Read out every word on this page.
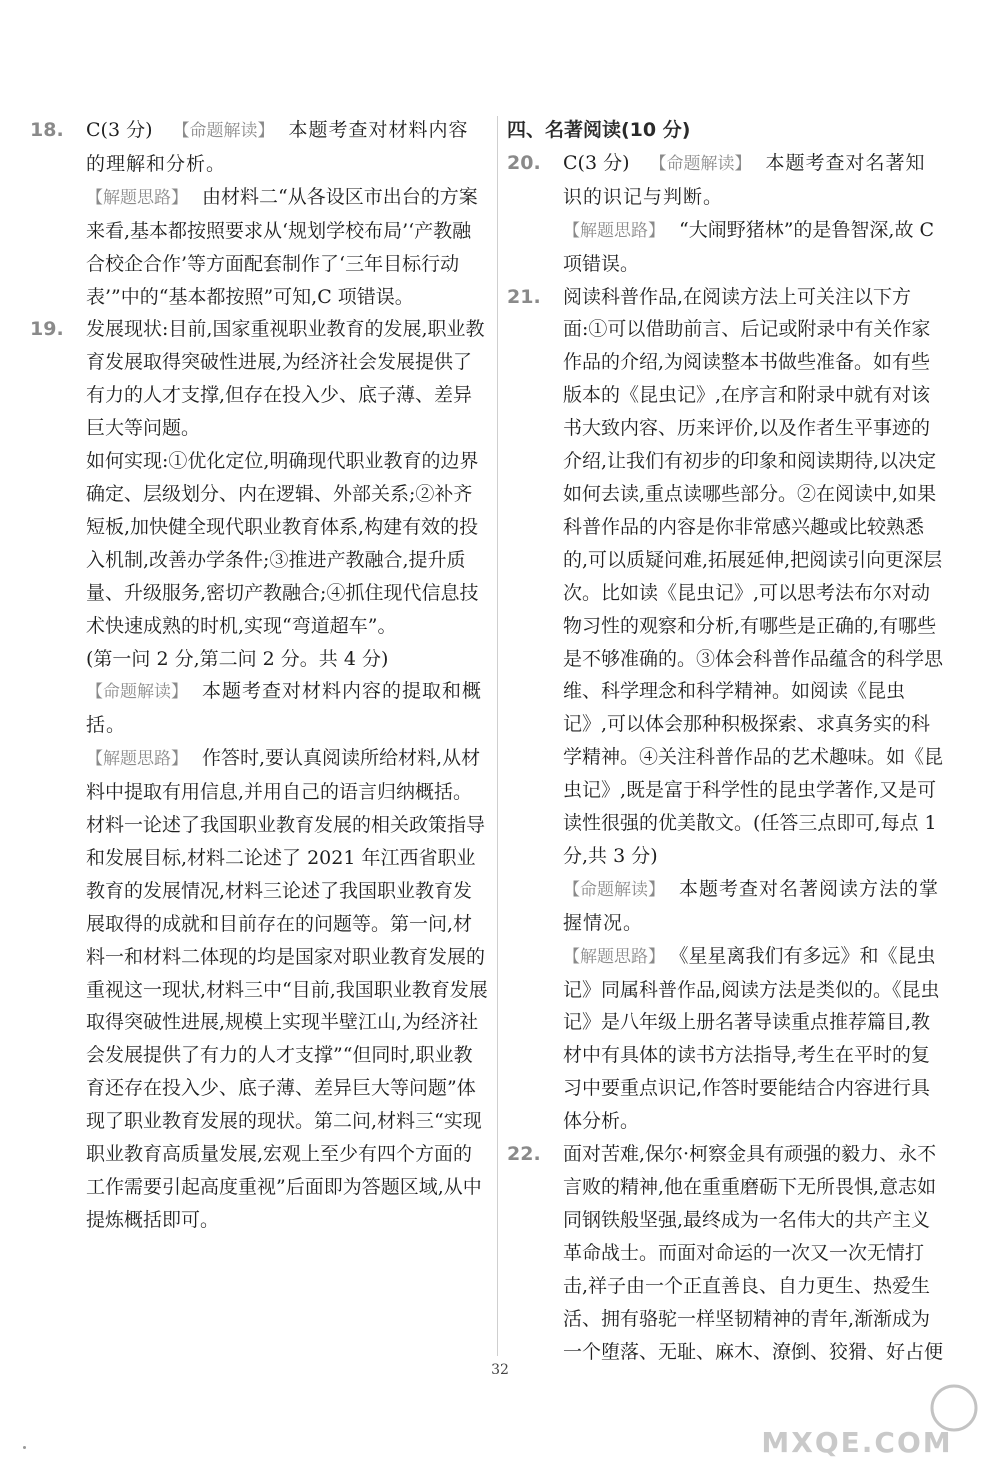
18. C(3 分) 【命题解读】 本题考查对材料内容的理解和分析。
【解题思路】 由材料二“从各设区市出台的方案来看,基本都按照要求从‘规划学校布局’‘产教融合校企合作’等方面配套制作了‘三年目标行动表’”中的“基本都按照”可知,C 项错误。
19. 发展现状:目前,国家重视职业教育的发展,职业教育发展取得突破性进展,为经济社会发展提供了有力的人才支撑,但存在投入少、底子薄、差异巨大等问题。
如何实现:①优化定位,明确现代职业教育的边界确定、层级划分、内在逻辑、外部关系;②补齐短板,加快健全现代职业教育体系,构建有效的投入机制,改善办学条件;③推进产教融合,提升质量、升级服务,密切产教融合;④抓住现代信息技术快速成熟的时机,实现“弯道超车”。
(第一问 2 分,第二问 2 分。共 4 分)
【命题解读】 本题考查对材料内容的提取和概括。
【解题思路】 作答时,要认真阅读所给材料,从材料中提取有用信息,并用自己的语言归纳概括。材料一论述了我国职业教育发展的相关政策指导和发展目标,材料二论述了 2021 年江西省职业教育的发展情况,材料三论述了我国职业教育发展取得的成就和目前存在的问题等。第一问,材料一和材料二体现的均是国家对职业教育发展的重视这一现状,材料三中“目前,我国职业教育发展取得突破性进展,规模上实现半壁江山,为经济社会发展提供了有力的人才支撑”“但同时,职业教育还存在投入少、底子薄、差异巨大等问题”体现了职业教育发展的现状。第二问,材料三“实现职业教育高质量发展,宏观上至少有四个方面的工作需要引起高度重视”后面即为答题区域,从中提炼概括即可。
四、名著阅读(10 分)
20. C(3 分) 【命题解读】 本题考查对名著知识的识记与判断。
【解题思路】 “大闹野猪林”的是鲁智深,故 C 项错误。
21. 阅读科普作品,在阅读方法上可关注以下方面:①可以借助前言、后记或附录中有关作家作品的介绍,为阅读整本书做些准备。如有些版本的《昆虫记》,在序言和附录中就有对该书大致内容、历来评价,以及作者生平事迹的介绍,让我们有初步的印象和阅读期待,以决定如何去读,重点读哪些部分。②在阅读中,如果科普作品的内容是你非常感兴趣或比较熟悉的,可以质疑问难,拓展延伸,把阅读引向更深层次。比如读《昆虫记》,可以思考法布尔对动物习性的观察和分析,有哪些是正确的,有哪些是不够准确的。③体会科普作品蕴含的科学思维、科学理念和科学精神。如阅读《昆虫记》,可以体会那种积极探索、求真务实的科学精神。④关注科普作品的艺术趣味。如《昆虫记》,既是富于科学性的昆虫学著作,又是可读性很强的优美散文。(任答三点即可,每点 1 分,共 3 分)
【命题解读】 本题考查对名著阅读方法的掌握情况。
【解题思路】 《星星离我们有多远》和《昆虫记》同属科普作品,阅读方法是类似的。《昆虫记》是八年级上册名著导读重点推荐篇目,教材中有具体的读书方法指导,考生在平时的复习中要重点识记,作答时要能结合内容进行具体分析。
22. 面对苦难,保尔·柯察金具有顽强的毅力、永不言败的精神,他在重重磨砺下无所畏惧,意志如同钢铁般坚强,最终成为一名伟大的共产主义革命战士。而面对命运的一次又一次无情打击,祥子由一个正直善良、自力更生、热爱生活、拥有骆驼一样坚韧精神的青年,渐渐成为一个堕落、无耻、麻木、潦倒、狡猾、好占便
32
MXQE.COM
